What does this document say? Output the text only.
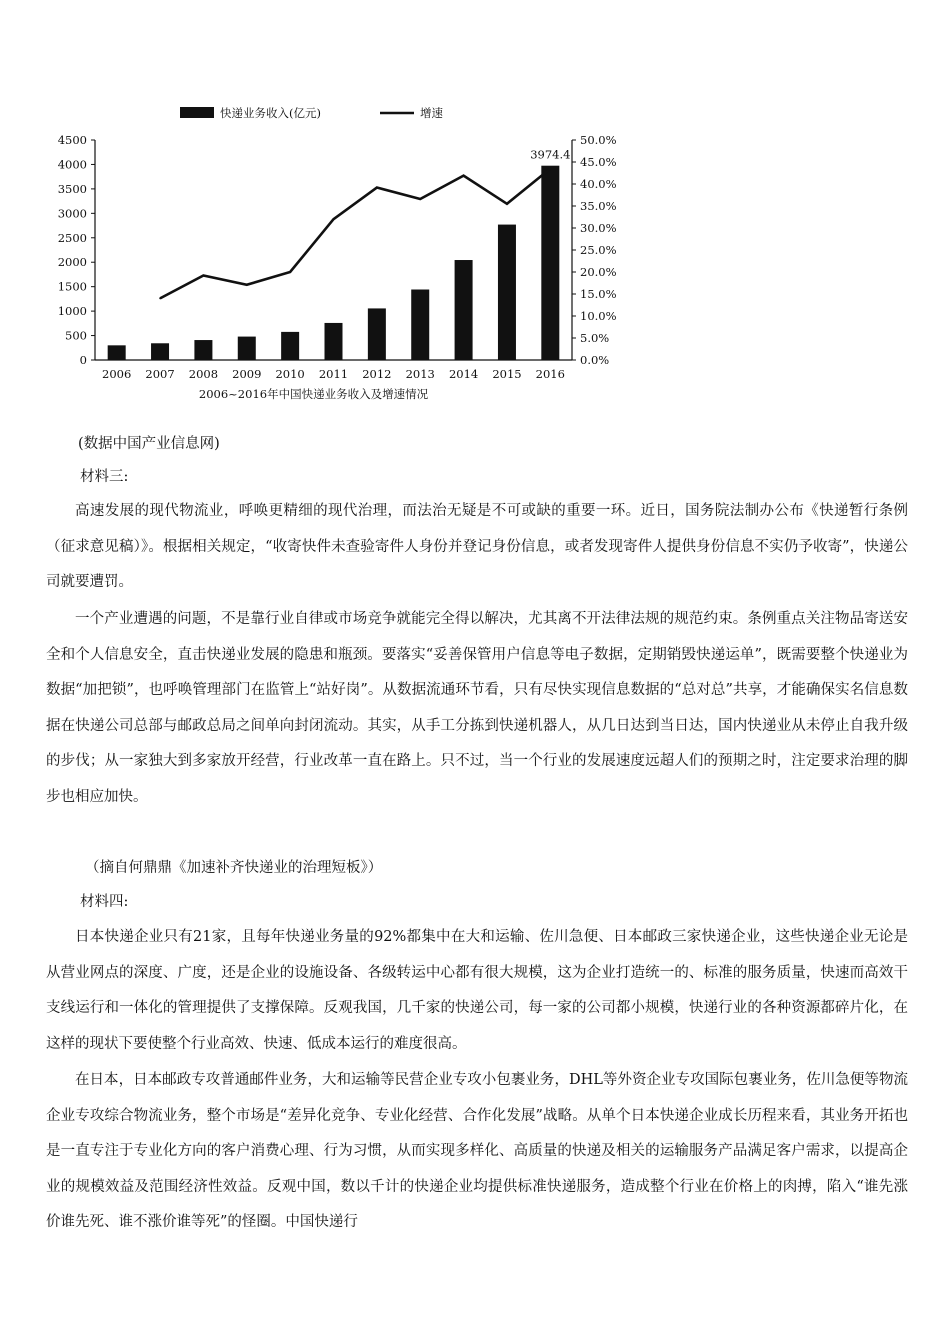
0
500
1000
1500
2000
2500
3000
3500
4000
4500
0.0%
5.0%
10.0%
15.0%
20.0%
25.0%
30.0%
35.0%
40.0%
45.0%
50.0%
3974.4
2006 2007 2008 2009 2010 2011 2012 2013 2014 2015 2016
2006~2016年中国快递业务收入及增速情况
快递业务收入(亿元)	增速
(数据中国产业信息网)
材料三:

高速发展的现代物流业，呼唤更精细的现代治理，而法治无疑是不可或缺的重要一环。近日，国务院法制办公布《快递暂行条例（征求意见稿）》。根据相关规定，“收寄快件未查验寄件人身份并登记身份信息，或者发现寄件人提供身份信息不实仍予收寄”，快递公司就要遭罚。

一个产业遭遇的问题，不是靠行业自律或市场竞争就能完全得以解决，尤其离不开法律法规的规范约束。条例重点关注物品寄送安全和个人信息安全，直击快递业发展的隐患和瓶颈。要落实“妥善保管用户信息等电子数据，定期销毁快递运单”，既需要整个快递业为数据“加把锁”，也呼唤管理部门在监管上“站好岗”。从数据流通环节看，只有尽快实现信息数据的“总对总”共享，才能确保实名信息数据在快递公司总部与邮政总局之间单向封闭流动。其实，从手工分拣到快递机器人，从几日达到当日达，国内快递业从未停止自我升级的步伐；从一家独大到多家放开经营，行业改革一直在路上。只不过，当一个行业的发展速度远超人们的预期之时，注定要求治理的脚步也相应加快。

（摘自何鼎鼎《加速补齐快递业的治理短板》）
材料四:

日本快递企业只有21家，且每年快递业务量的92%都集中在大和运输、佐川急便、日本邮政三家快递企业，这些快递企业无论是从营业网点的深度、广度，还是企业的设施设备、各级转运中心都有很大规模，这为企业打造统一的、标准的服务质量，快速而高效干支线运行和一体化的管理提供了支撑保障。反观我国，几千家的快递公司，每一家的公司都小规模，快递行业的各种资源都碎片化，在这样的现状下要使整个行业高效、快速、低成本运行的难度很高。

在日本，日本邮政专攻普通邮件业务，大和运输等民营企业专攻小包裹业务，DHL等外资企业专攻国际包裹业务，佐川急便等物流企业专攻综合物流业务，整个市场是“差异化竞争、专业化经营、合作化发展”战略。从单个日本快递企业成长历程来看，其业务开拓也是一直专注于专业化方向的客户消费心理、行为习惯，从而实现多样化、高质量的快递及相关的运输服务产品满足客户需求，以提高企业的规模效益及范围经济性效益。反观中国，数以千计的快递企业均提供标准快递服务，造成整个行业在价格上的肉搏，陷入“谁先涨价谁先死、谁不涨价谁等死”的怪圈。中国快递行
